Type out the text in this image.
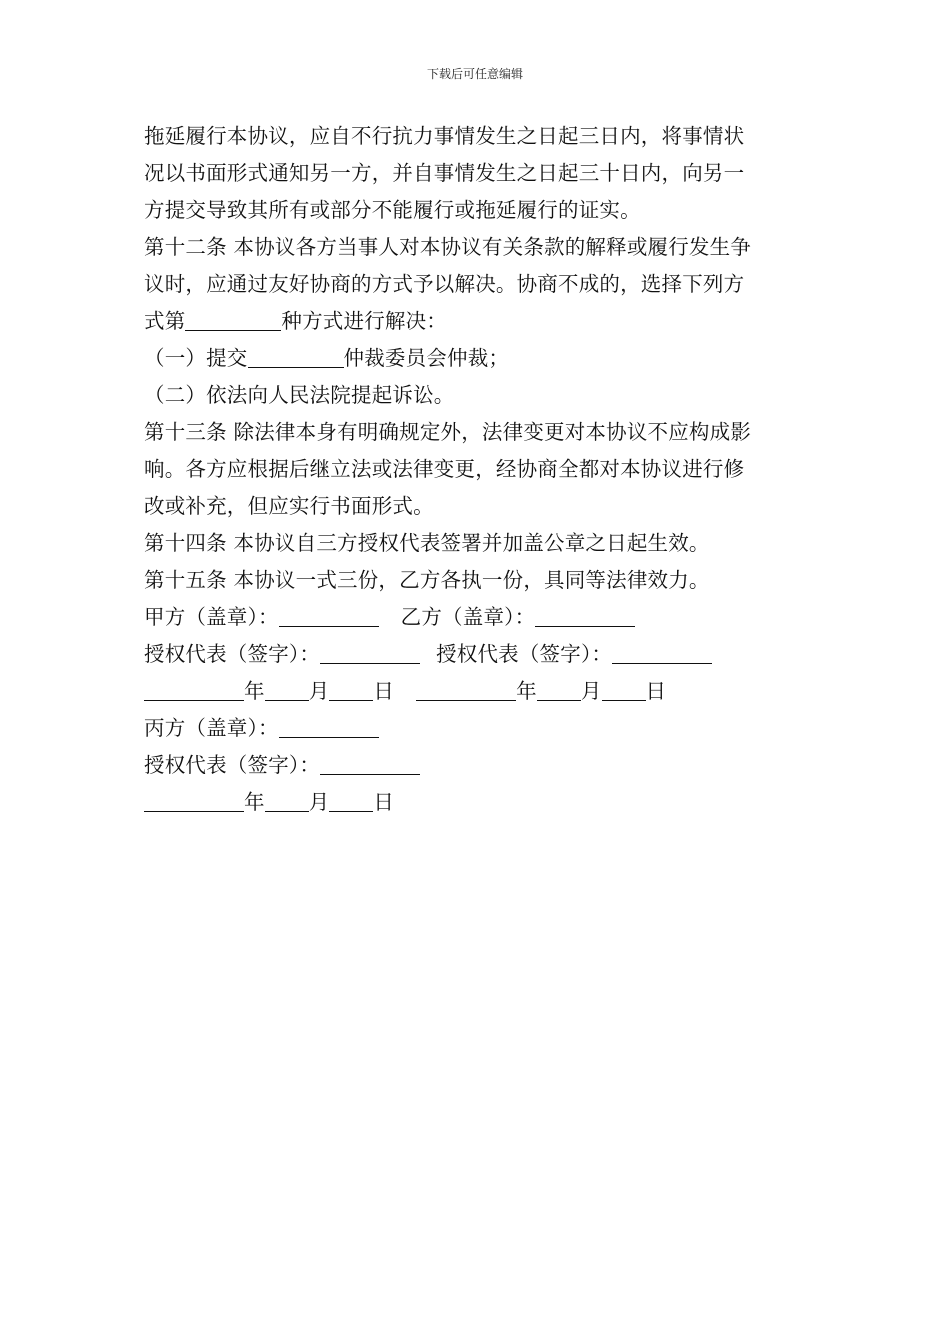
下载后可任意编辑
拖延履行本协议，应自不行抗力事情发生之日起三日内，将事情状
况以书面形式通知另一方，并自事情发生之日起三十日内，向另一
方提交导致其所有或部分不能履行或拖延履行的证实。
第十二条 本协议各方当事人对本协议有关条款的解释或履行发生争
议时，应通过友好协商的方式予以解决。协商不成的，选择下列方
式第	种方式进行解决：
（一）提交	仲裁委员会仲裁；
（二）依法向人民法院提起诉讼。
第十三条 除法律本身有明确规定外，法律变更对本协议不应构成影
响。各方应根据后继立法或法律变更，经协商全都对本协议进行修
改或补充，但应实行书面形式。
第十四条 本协议自三方授权代表签署并加盖公章之日起生效。
第十五条 本协议一式三份，乙方各执一份，具同等法律效力。
甲方（盖章）：	乙方（盖章）：
授权代表（签字）：	授权代表（签字）：
年 月 日	年 月 日
丙方（盖章）：
授权代表（签字）：
年 月 日
